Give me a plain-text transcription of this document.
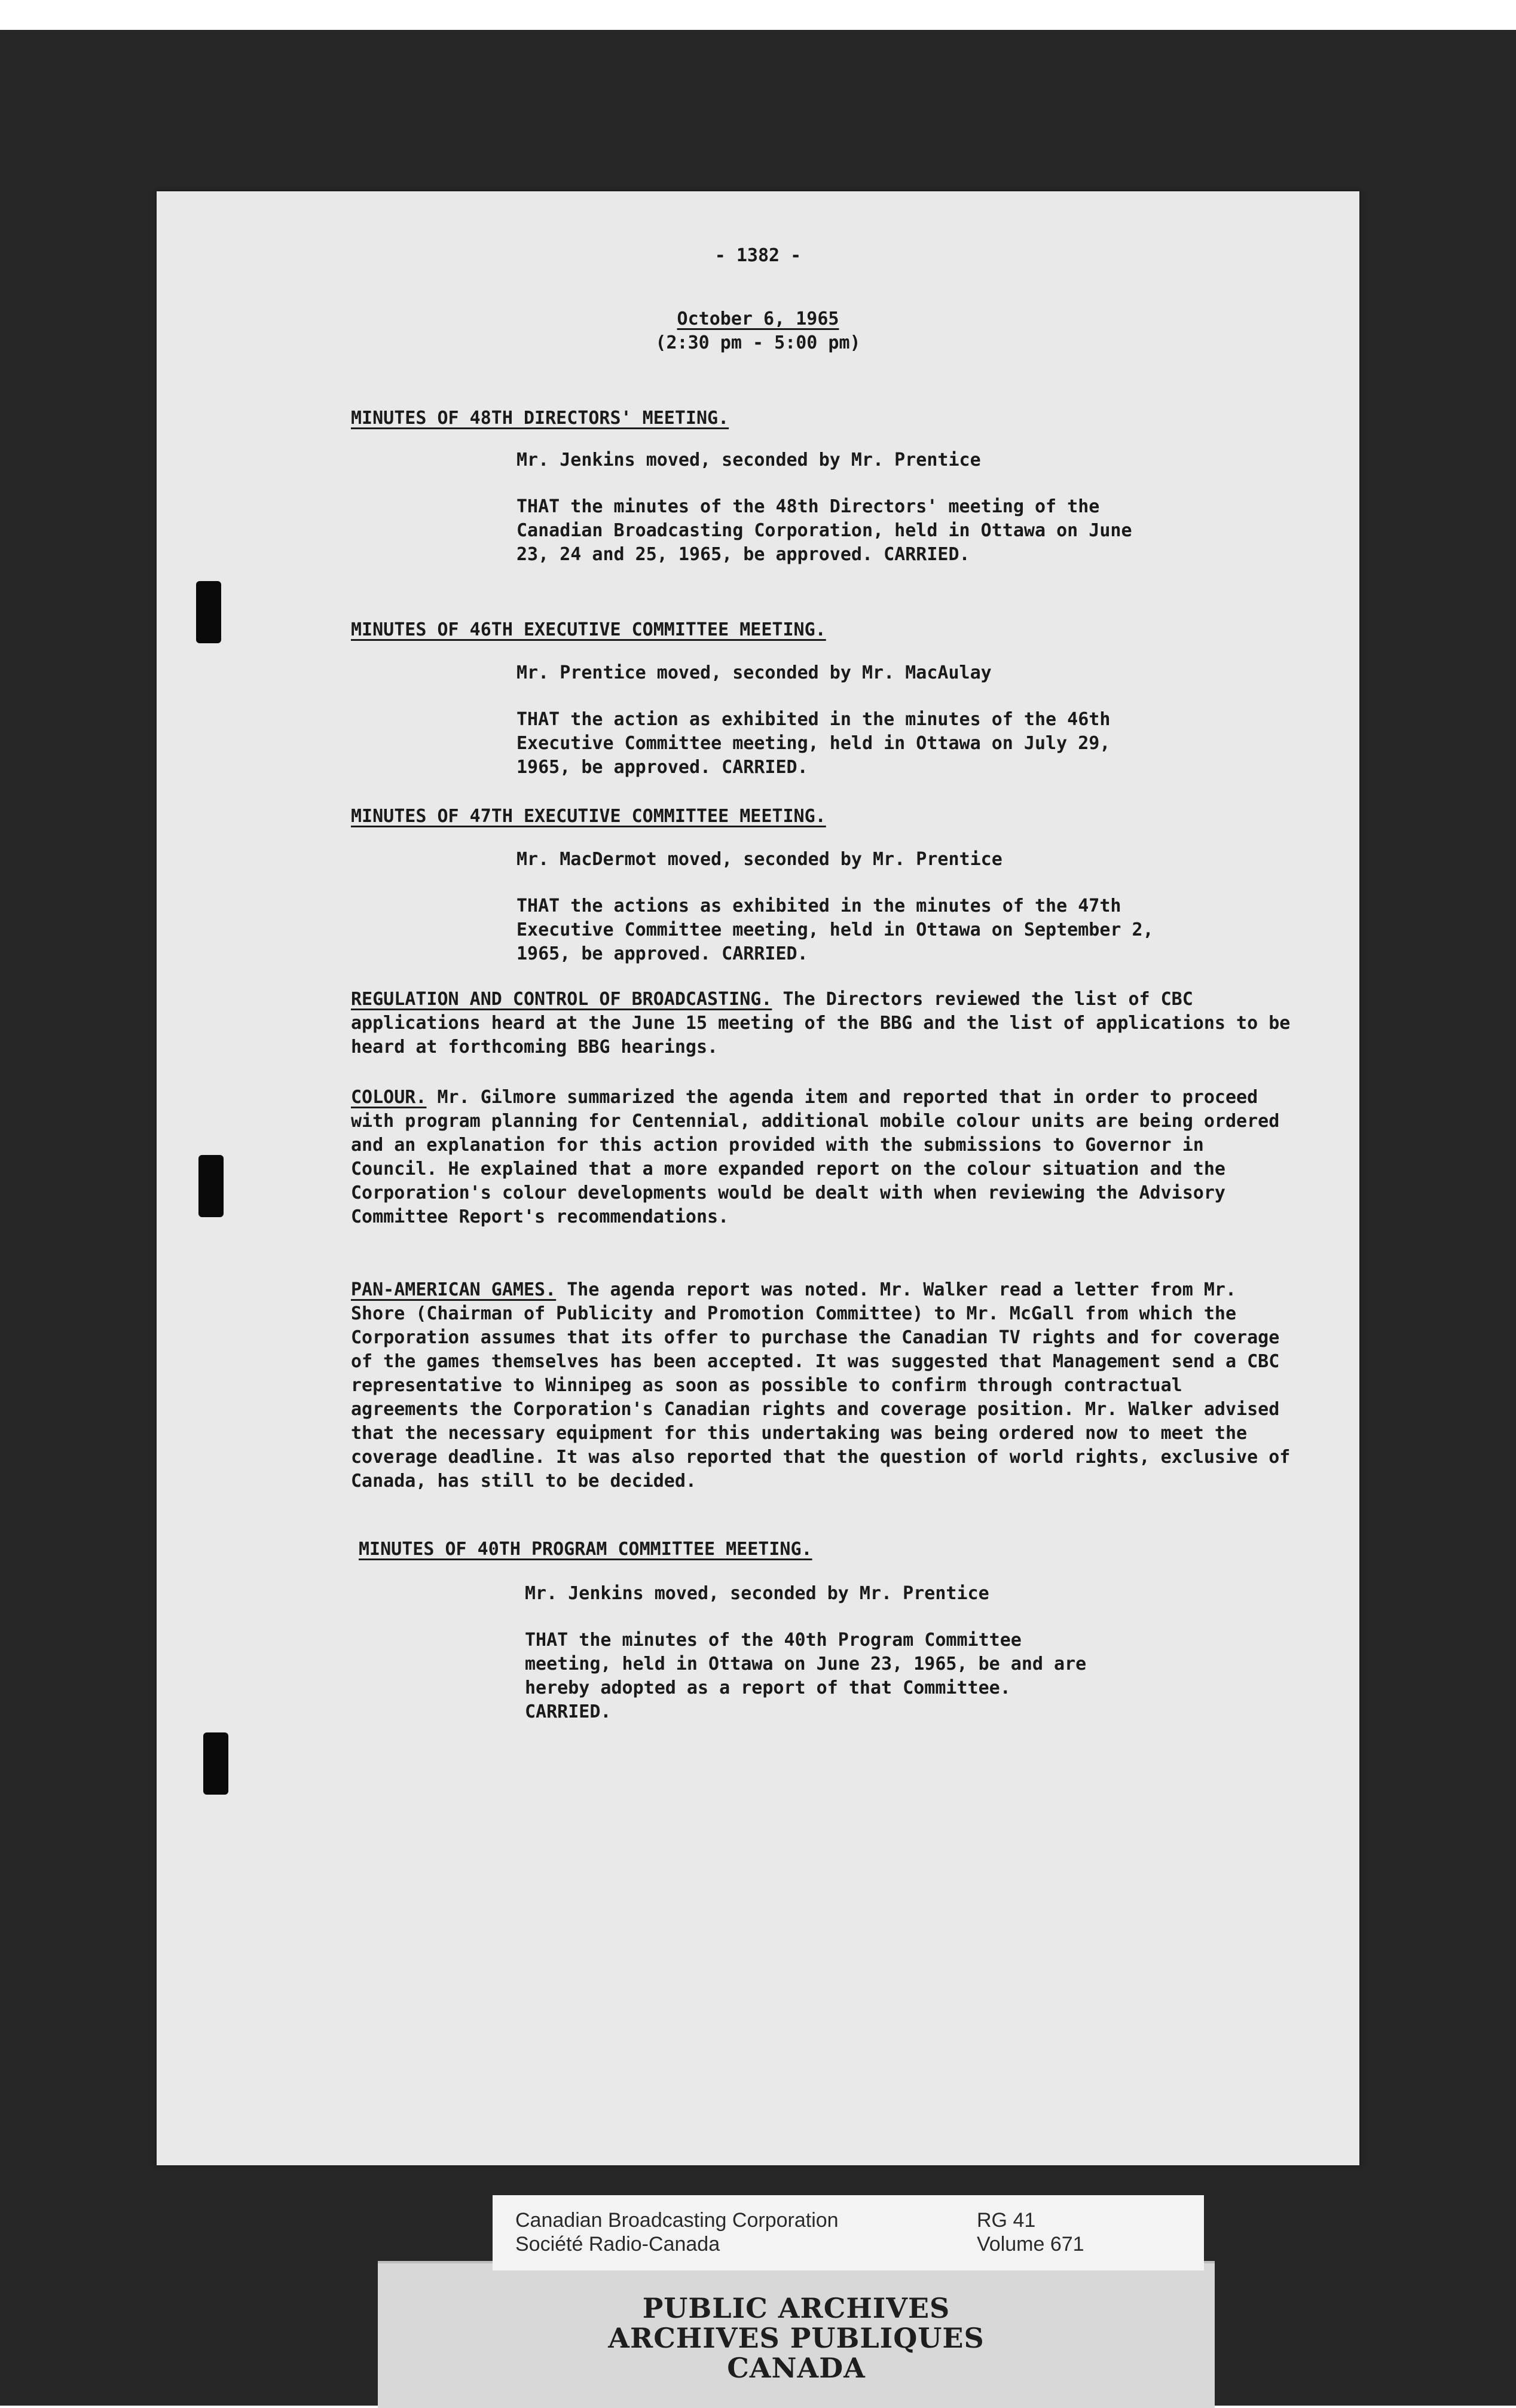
- 1382 -
October 6, 1965
(2:30 pm - 5:00 pm)
MINUTES OF 48TH DIRECTORS' MEETING.
Mr. Jenkins moved, seconded by Mr. Prentice
THAT the minutes of the 48th Directors' meeting of the Canadian Broadcasting Corporation, held in Ottawa on June 23, 24 and 25, 1965, be approved. CARRIED.
MINUTES OF 46TH EXECUTIVE COMMITTEE MEETING.
Mr. Prentice moved, seconded by Mr. MacAulay
THAT the action as exhibited in the minutes of the 46th Executive Committee meeting, held in Ottawa on July 29, 1965, be approved. CARRIED.
MINUTES OF 47TH EXECUTIVE COMMITTEE MEETING.
Mr. MacDermot moved, seconded by Mr. Prentice
THAT the actions as exhibited in the minutes of the 47th Executive Committee meeting, held in Ottawa on September 2, 1965, be approved. CARRIED.
REGULATION AND CONTROL OF BROADCASTING. The Directors reviewed the list of CBC applications heard at the June 15 meeting of the BBG and the list of applications to be heard at forthcoming BBG hearings.
COLOUR. Mr. Gilmore summarized the agenda item and reported that in order to proceed with program planning for Centennial, additional mobile colour units are being ordered and an explanation for this action provided with the submissions to Governor in Council. He explained that a more expanded report on the colour situation and the Corporation's colour developments would be dealt with when reviewing the Advisory Committee Report's recommendations.
PAN-AMERICAN GAMES. The agenda report was noted. Mr. Walker read a letter from Mr. Shore (Chairman of Publicity and Promotion Committee) to Mr. McGall from which the Corporation assumes that its offer to purchase the Canadian TV rights and for coverage of the games themselves has been accepted. It was suggested that Management send a CBC representative to Winnipeg as soon as possible to confirm through contractual agreements the Corporation's Canadian rights and coverage position. Mr. Walker advised that the necessary equipment for this undertaking was being ordered now to meet the coverage deadline. It was also reported that the question of world rights, exclusive of Canada, has still to be decided.
MINUTES OF 40TH PROGRAM COMMITTEE MEETING.
Mr. Jenkins moved, seconded by Mr. Prentice
THAT the minutes of the 40th Program Committee meeting, held in Ottawa on June 23, 1965, be and are hereby adopted as a report of that Committee. CARRIED.
PUBLIC ARCHIVES
ARCHIVES PUBLIQUES
CANADA
Canadian Broadcasting Corporation
Société Radio-Canada
RG 41
Volume 671
